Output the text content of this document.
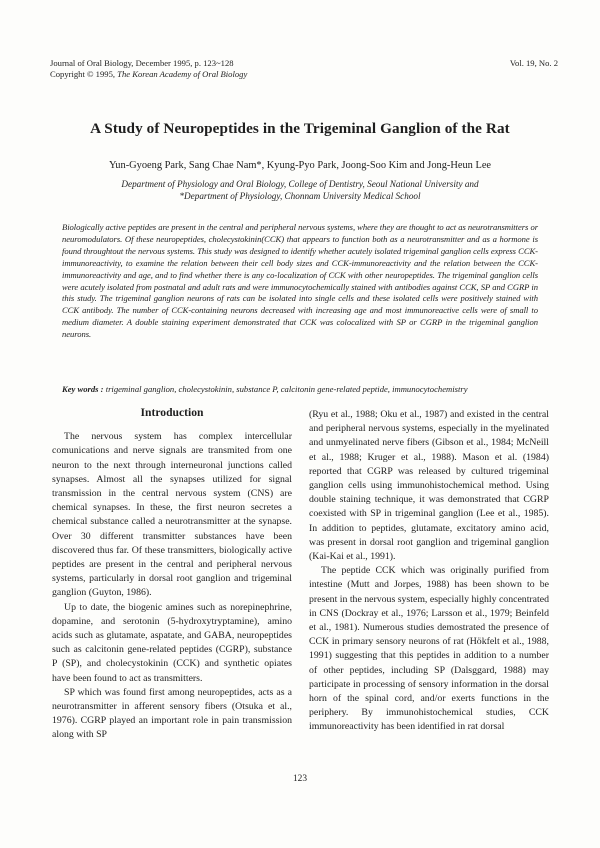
Journal of Oral Biology, December 1995, p. 123~128
Copyright © 1995, The Korean Academy of Oral Biology
Vol. 19, No. 2
A Study of Neuropeptides in the Trigeminal Ganglion of the Rat
Yun-Gyoeng Park, Sang Chae Nam*, Kyung-Pyo Park, Joong-Soo Kim and Jong-Heun Lee
Department of Physiology and Oral Biology, College of Dentistry, Seoul National University and
*Department of Physiology, Chonnam University Medical School
Biologically active peptides are present in the central and peripheral nervous systems, where they are thought to act as neurotransmitters or neuromodulators. Of these neuropeptides, cholecystokinin(CCK) that appears to function both as a neurotransmitter and as a hormone is found throughtout the nervous systems. This study was designed to identify whether acutely isolated trigeminal ganglion cells express CCK-immunoreactivity, to examine the relation between their cell body sizes and CCK-immunoreactivity and the relation between the CCK-immunoreactivity and age, and to find whether there is any co-localization of CCK with other neuropeptides. The trigeminal ganglion cells were acutely isolated from postnatal and adult rats and were immunocytochemically stained with antibodies against CCK, SP and CGRP in this study. The trigeminal ganglion neurons of rats can be isolated into single cells and these isolated cells were positively stained with CCK antibody. The number of CCK-containing neurons decreased with increasing age and most immunoreactive cells were of small to medium diameter. A double staining experiment demonstrated that CCK was colocalized with SP or CGRP in the trigeminal ganglion neurons.
Key words : trigeminal ganglion, cholecystokinin, substance P, calcitonin gene-related peptide, immunocytochemistry
Introduction

The nervous system has complex intercellular comunications and nerve signals are transmited from one neuron to the next through interneuronal junctions called synapses. Almost all the synapses utilized for signal transmission in the central nervous system (CNS) are chemical synapses. In these, the first neuron secretes a chemical substance called a neurotransmitter at the synapse. Over 30 different transmitter substances have been discovered thus far. Of these transmitters, biologically active peptides are present in the central and peripheral nervous systems, particularly in dorsal root ganglion and trigeminal ganglion (Guyton, 1986).

Up to date, the biogenic amines such as norepinephrine, dopamine, and serotonin (5-hydroxytryptamine), amino acids such as glutamate, aspatate, and GABA, neuropeptides such as calcitonin gene-related peptides (CGRP), substance P (SP), and cholecystokinin (CCK) and synthetic opiates have been found to act as transmitters.

SP which was found first among neuropeptides, acts as a neurotransmitter in afferent sensory fibers (Otsuka et al., 1976). CGRP played an important role in pain transmission along with SP

(Ryu et al., 1988; Oku et al., 1987) and existed in the central and peripheral nervous systems, especially in the myelinated and unmyelinated nerve fibers (Gibson et al., 1984; McNeill et al., 1988; Kruger et al., 1988). Mason et al. (1984) reported that CGRP was released by cultured trigeminal ganglion cells using immunohistochemical method. Using double staining technique, it was demonstrated that CGRP coexisted with SP in trigeminal ganglion (Lee et al., 1985). In addition to peptides, glutamate, excitatory amino acid, was present in dorsal root ganglion and trigeminal ganglion (Kai-Kai et al., 1991).

The peptide CCK which was originally purified from intestine (Mutt and Jorpes, 1988) has been shown to be present in the nervous system, especially highly concentrated in CNS (Dockray et al., 1976; Larsson et al., 1979; Beinfeld et al., 1981). Numerous studies demostrated the presence of CCK in primary sensory neurons of rat (Hökfelt et al., 1988, 1991) suggesting that this peptides in addition to a number of other peptides, including SP (Dalsggard, 1988) may participate in processing of sensory information in the dorsal horn of the spinal cord, and/or exerts functions in the periphery. By immunohistochemical studies, CCK immunoreactivity has been identified in rat dorsal

123
